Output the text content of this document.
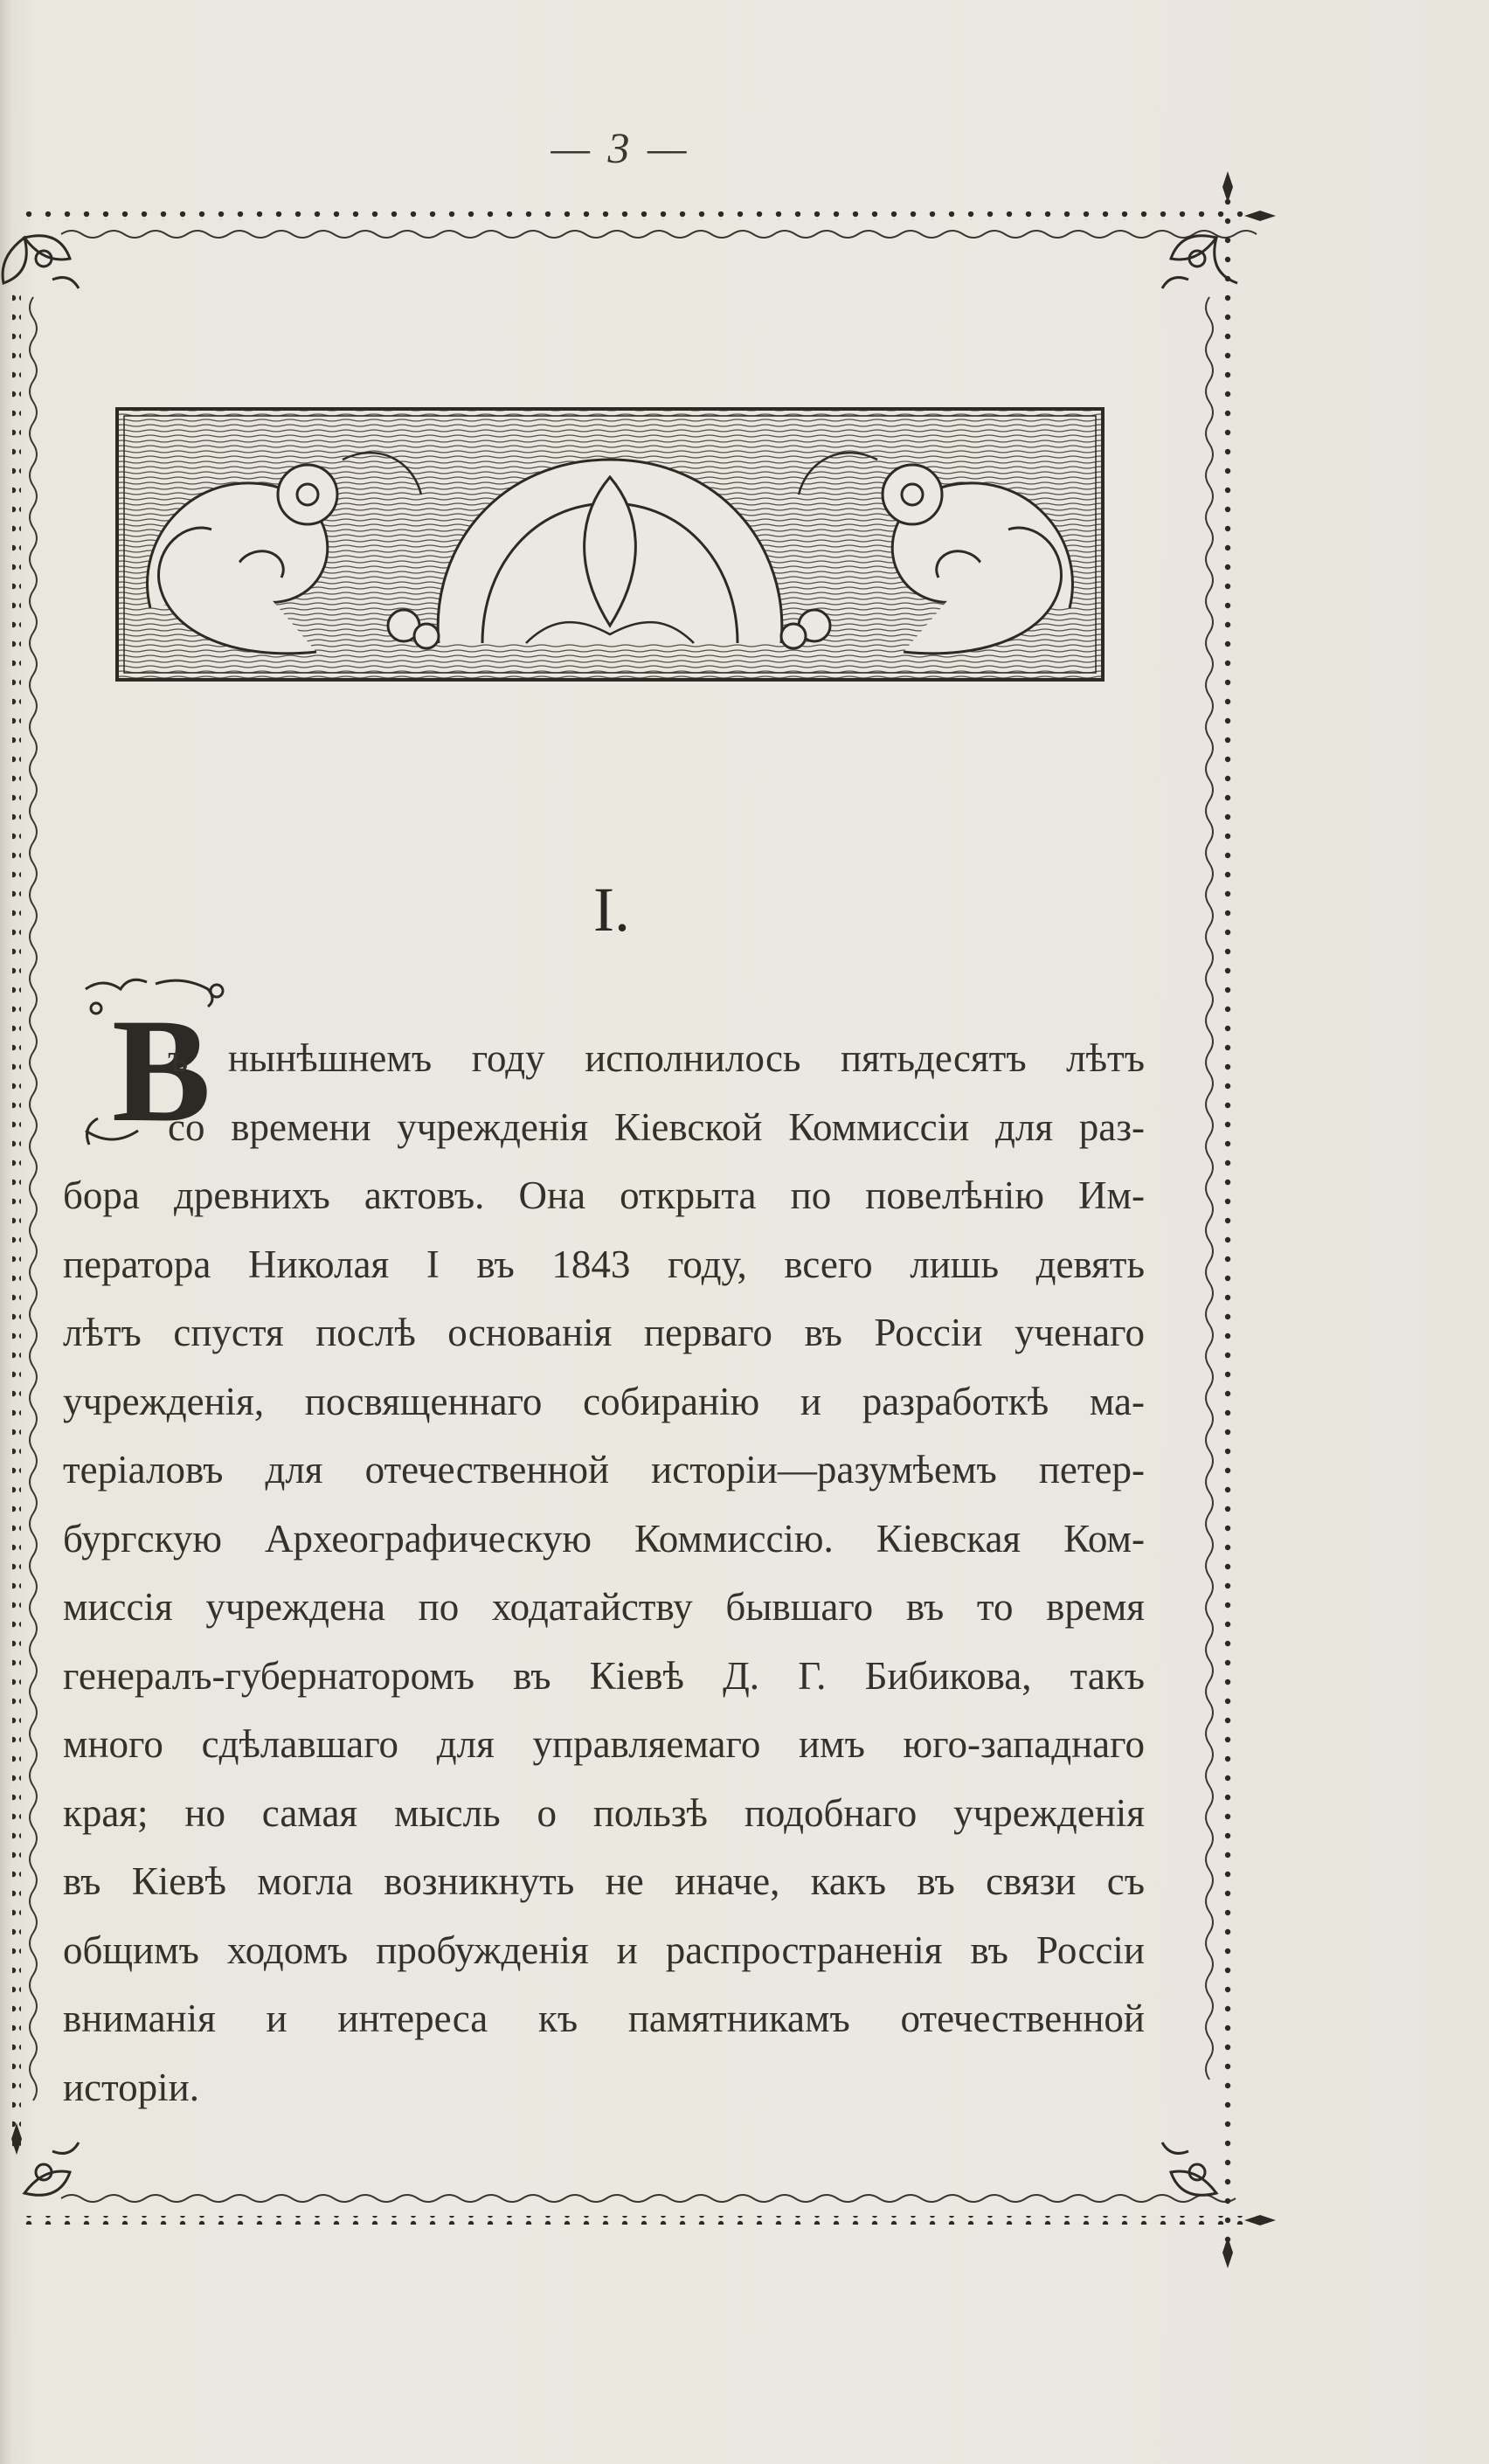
— 3 —
I.
В
ъ нынѣшнемъ году исполнилось пятьдесятъ лѣтъ
со времени учрежденія Кіевской Коммиссіи для раз-
бора древнихъ актовъ. Она открыта по повелѣнію Им-
ператора Николая I въ 1843 году, всего лишь девять
лѣтъ спустя послѣ основанія перваго въ Россіи ученаго
учрежденія, посвященнаго собиранію и разработкѣ ма-
теріаловъ для отечественной исторіи—разумѣемъ петер-
бургскую Археографическую Коммиссію. Кіевская Ком-
миссія учреждена по ходатайству бывшаго въ то время
генералъ-губернаторомъ въ Кіевѣ Д. Г. Бибикова, такъ
много сдѣлавшаго для управляемаго имъ юго-западнаго
края; но самая мысль о пользѣ подобнаго учрежденія
въ Кіевѣ могла возникнуть не иначе, какъ въ связи съ
общимъ ходомъ пробужденія и распространенія въ Россіи
вниманія и интереса къ памятникамъ отечественной
исторіи.
